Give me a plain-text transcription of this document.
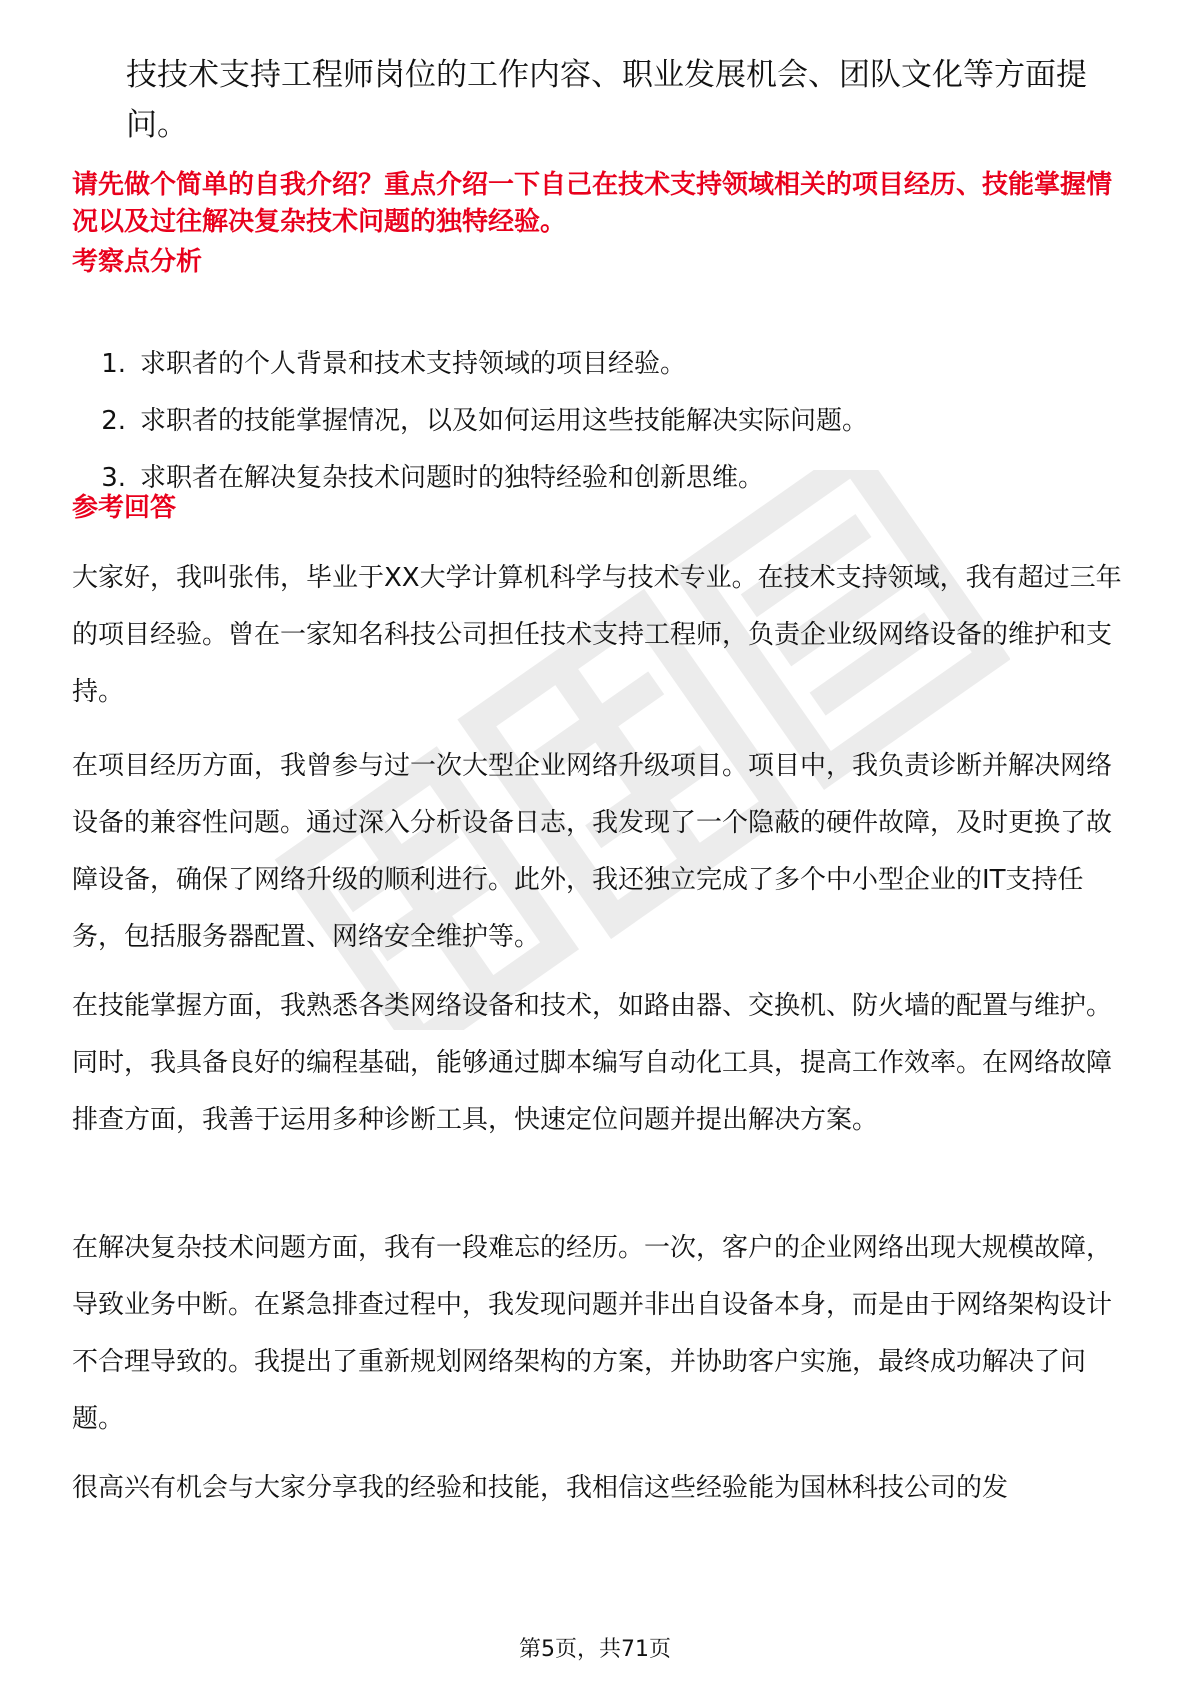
技技术支持工程师岗位的工作内容、职业发展机会、团队文化等方面提问。
请先做个简单的自我介绍？重点介绍一下自己在技术支持领域相关的项目经历、技能掌握情况以及过往解决复杂技术问题的独特经验。
考察点分析
1. 求职者的个人背景和技术支持领域的项目经验。
2. 求职者的技能掌握情况，以及如何运用这些技能解决实际问题。
3. 求职者在解决复杂技术问题时的独特经验和创新思维。
参考回答

大家好，我叫张伟，毕业于XX大学计算机科学与技术专业。在技术支持领域，我有超过三年的项目经验。曾在一家知名科技公司担任技术支持工程师，负责企业级网络设备的维护和支持。

在项目经历方面，我曾参与过一次大型企业网络升级项目。项目中，我负责诊断并解决网络设备的兼容性问题。通过深入分析设备日志，我发现了一个隐蔽的硬件故障，及时更换了故障设备，确保了网络升级的顺利进行。此外，我还独立完成了多个中小型企业的IT支持任务，包括服务器配置、网络安全维护等。

在技能掌握方面，我熟悉各类网络设备和技术，如路由器、交换机、防火墙的配置与维护。同时，我具备良好的编程基础，能够通过脚本编写自动化工具，提高工作效率。在网络故障排查方面，我善于运用多种诊断工具，快速定位问题并提出解决方案。

在解决复杂技术问题方面，我有一段难忘的经历。一次，客户的企业网络出现大规模故障，导致业务中断。在紧急排查过程中，我发现问题并非出自设备本身，而是由于网络架构设计不合理导致的。我提出了重新规划网络架构的方案，并协助客户实施，最终成功解决了问题。

很高兴有机会与大家分享我的经验和技能，我相信这些经验能为国林科技公司的发

第5页，共71页
